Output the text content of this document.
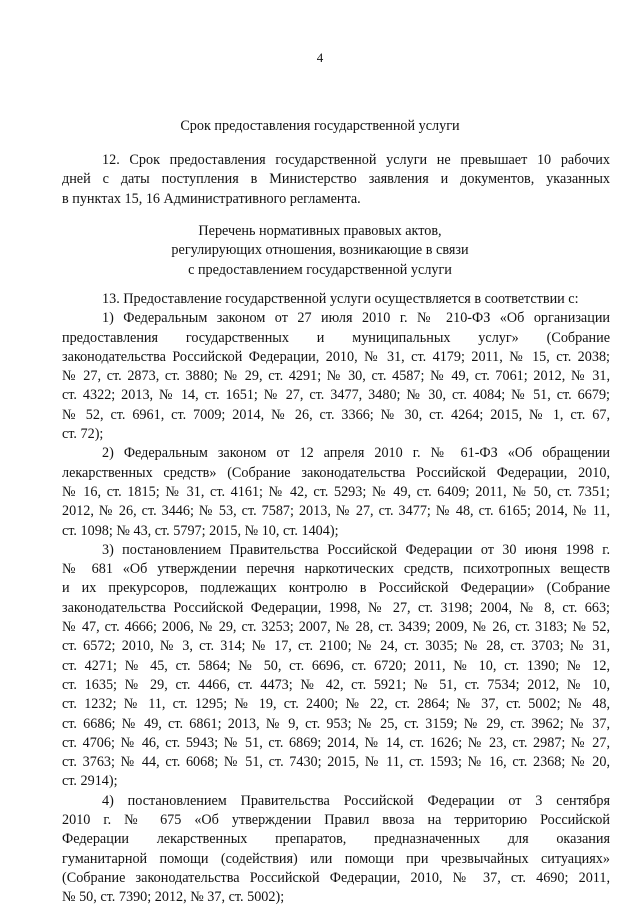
4
Срок предоставления государственной услуги
12. Срок предоставления государственной услуги не превышает 10 рабочих
дней с даты поступления в Министерство заявления и документов, указанных
в пунктах 15, 16 Административного регламента.
Перечень нормативных правовых актов,
регулирующих отношения, возникающие в связи
с предоставлением государственной услуги
13. Предоставление государственной услуги осуществляется в соответствии с:
1) Федеральным законом от 27 июля 2010 г. № 210-ФЗ «Об организации
предоставления государственных и муниципальных услуг» (Собрание
законодательства Российской Федерации, 2010, № 31, ст. 4179; 2011, № 15, ст. 2038;
№ 27, ст. 2873, ст. 3880; № 29, ст. 4291; № 30, ст. 4587; № 49, ст. 7061; 2012, № 31,
ст. 4322; 2013, № 14, ст. 1651; № 27, ст. 3477, 3480; № 30, ст. 4084; № 51, ст. 6679;
№ 52, ст. 6961, ст. 7009; 2014, № 26, ст. 3366; № 30, ст. 4264; 2015, № 1, ст. 67,
ст. 72);
2) Федеральным законом от 12 апреля 2010 г. № 61-ФЗ «Об обращении
лекарственных средств» (Собрание законодательства Российской Федерации, 2010,
№ 16, ст. 1815; № 31, ст. 4161; № 42, ст. 5293; № 49, ст. 6409; 2011, № 50, ст. 7351;
2012, № 26, ст. 3446; № 53, ст. 7587; 2013, № 27, ст. 3477; № 48, ст. 6165; 2014, № 11,
ст. 1098; № 43, ст. 5797; 2015, № 10, ст. 1404);
3) постановлением Правительства Российской Федерации от 30 июня 1998 г.
№ 681 «Об утверждении перечня наркотических средств, психотропных веществ
и их прекурсоров, подлежащих контролю в Российской Федерации» (Собрание
законодательства Российской Федерации, 1998, № 27, ст. 3198; 2004, № 8, ст. 663;
№ 47, ст. 4666; 2006, № 29, ст. 3253; 2007, № 28, ст. 3439; 2009, № 26, ст. 3183; № 52,
ст. 6572; 2010, № 3, ст. 314; № 17, ст. 2100; № 24, ст. 3035; № 28, ст. 3703; № 31,
ст. 4271; № 45, ст. 5864; № 50, ст. 6696, ст. 6720; 2011, № 10, ст. 1390; № 12,
ст. 1635; № 29, ст. 4466, ст. 4473; № 42, ст. 5921; № 51, ст. 7534; 2012, № 10,
ст. 1232; № 11, ст. 1295; № 19, ст. 2400; № 22, ст. 2864; № 37, ст. 5002; № 48,
ст. 6686; № 49, ст. 6861; 2013, № 9, ст. 953; № 25, ст. 3159; № 29, ст. 3962; № 37,
ст. 4706; № 46, ст. 5943; № 51, ст. 6869; 2014, № 14, ст. 1626; № 23, ст. 2987; № 27,
ст. 3763; № 44, ст. 6068; № 51, ст. 7430; 2015, № 11, ст. 1593; № 16, ст. 2368; № 20,
ст. 2914);
4) постановлением Правительства Российской Федерации от 3 сентября
2010 г. № 675 «Об утверждении Правил ввоза на территорию Российской
Федерации лекарственных препаратов, предназначенных для оказания
гуманитарной помощи (содействия) или помощи при чрезвычайных ситуациях»
(Собрание законодательства Российской Федерации, 2010, № 37, ст. 4690; 2011,
№ 50, ст. 7390; 2012, № 37, ст. 5002);
